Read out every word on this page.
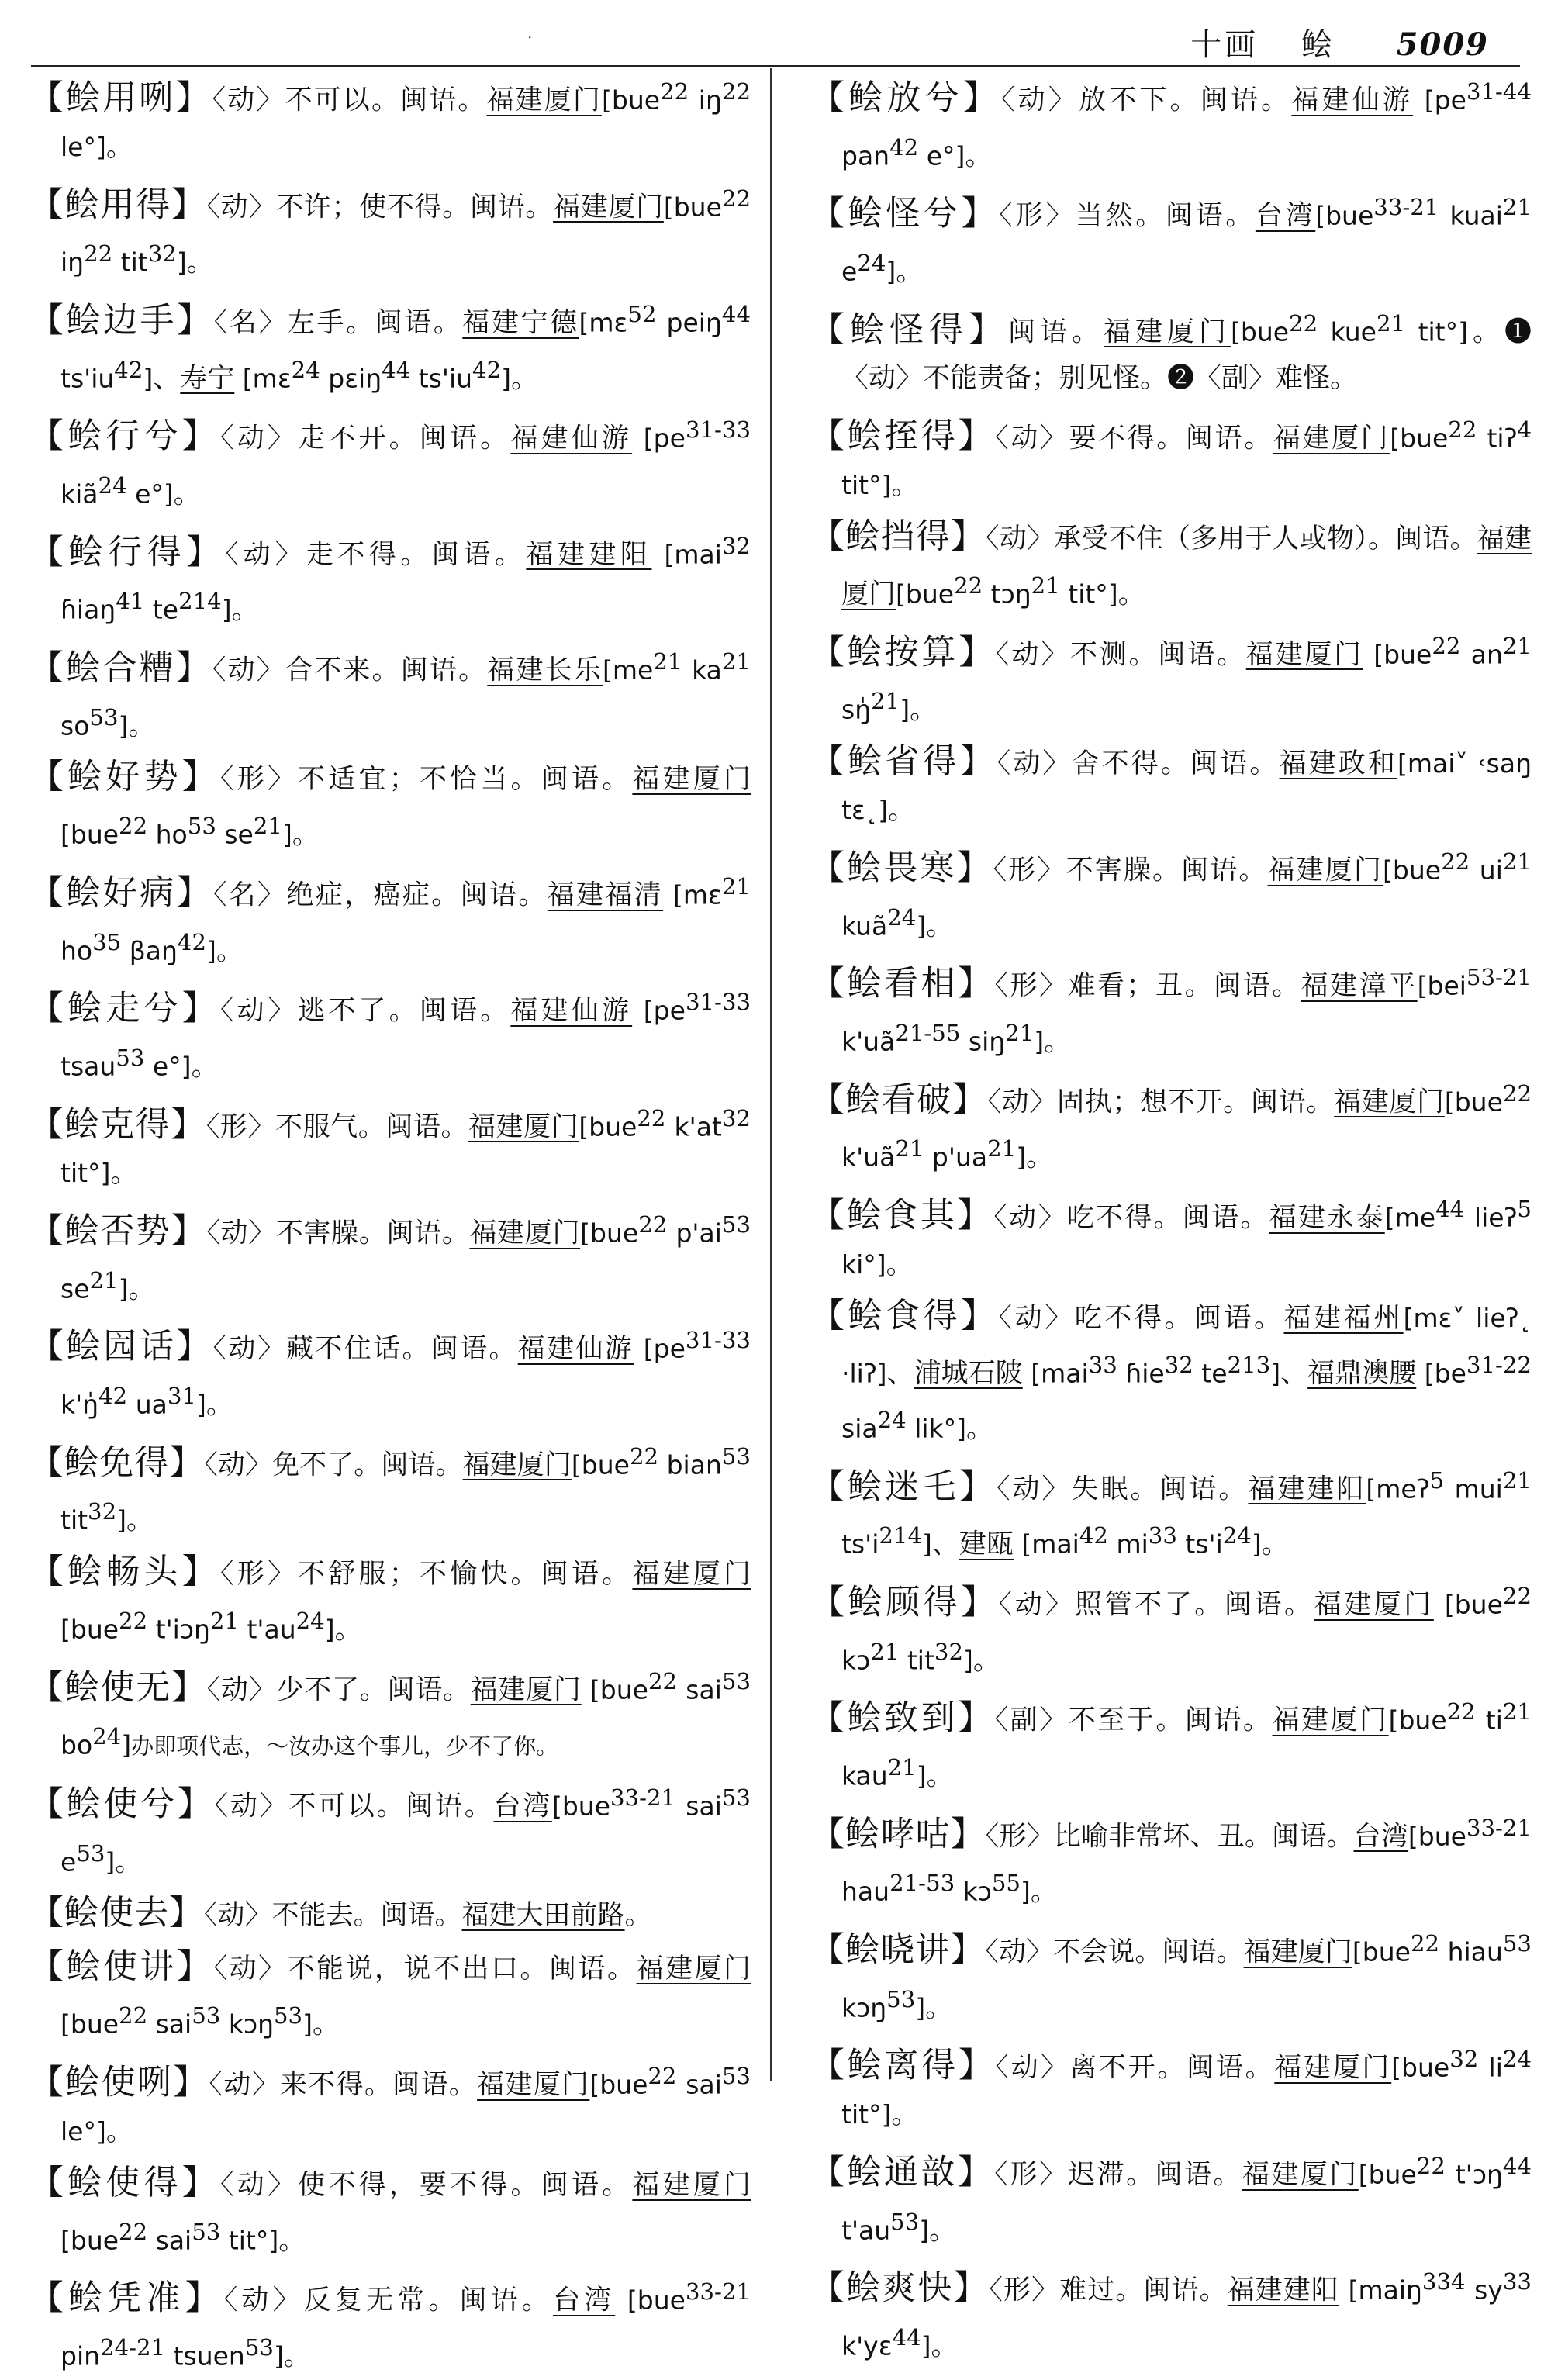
·	十画 鲙 5009

【鲙用咧】〈动〉不可以。闽语。福建厦门[bue$^{22}$ $iŋ^{22}$ le°]。

【鲙用得】〈动〉不许；使不得。闽语。福建厦门[bue$^{22}$ $iŋ^{22}$ tit$^{32}$]。

【鲙边手】〈名〉左手。闽语。福建宁德[mɛ$^{52}$ peiŋ$^{44}$ $ts'iu^{42}$]、寿宁 [mɛ$^{24}$ pɛiŋ$^{44}$ $ts'iu^{42}$]。

【鲙行兮】〈动〉走不开。闽语。福建仙游 [$pe^{31-33}$ kiã$^{24}$ e°]。

【鲙行得】〈动〉走不得。闽语。福建建阳 [mai$^{32}$ ɦiaŋ$^{41}$ $te^{214}$]。

【鲙合糟】〈动〉合不来。闽语。福建长乐[$me^{21}$ $ka^{21}$ $so^{53}$]。

【鲙好势】〈形〉不适宜；不恰当。闽语。福建厦门[bue$^{22}$ $ho^{53}$ $se^{21}$]。

【鲙好病】〈名〉绝症，癌症。闽语。福建福清 [mɛ$^{21}$ $ho^{35}$ βaŋ$^{42}$]。

【鲙走兮】〈动〉逃不了。闽语。福建仙游 [$pe^{31-33}$ tsau$^{53}$ e°]。

【鲙克得】〈形〉不服气。闽语。福建厦门[bue$^{22}$ $k'at^{32}$ tit°]。

【鲙否势】〈动〉不害臊。闽语。福建厦门[bue$^{22}$ $p'ai^{53}$ $se^{21}$]。

【鲙囥话】〈动〉藏不住话。闽语。福建仙游 [$pe^{31-33}$ k'ŋ̍$^{42}$ $ua^{31}$]。

【鲙免得】〈动〉免不了。闽语。福建厦门[bue$^{22}$ bian$^{53}$ tit$^{32}$]。

【鲙畅头】〈形〉不舒服；不愉快。闽语。福建厦门 [bue$^{22}$ t'iɔŋ$^{21}$ $t'au^{24}$]。

【鲙使无】〈动〉少不了。闽语。福建厦门 [bue$^{22}$ sai$^{53}$ $bo^{24}$]办即项代志，～汝办这个事儿，少不了你。

【鲙使兮】〈动〉不可以。闽语。台湾[bue$^{33-21}$ sai$^{53}$ $e^{53}$]。

【鲙使去】〈动〉不能去。闽语。福建大田前路。

【鲙使讲】〈动〉不能说，说不出口。闽语。福建厦门 [bue$^{22}$ sai$^{53}$ kɔŋ$^{53}$]。

【鲙使咧】〈动〉来不得。闽语。福建厦门[bue$^{22}$ sai$^{53}$ le°]。

【鲙使得】〈动〉使不得，要不得。闽语。福建厦门 [bue$^{22}$ sai$^{53}$ tit°]。

【鲙凭准】〈动〉反复无常。闽语。台湾 [bue$^{33-21}$ pin$^{24-21}$ tsuen$^{53}$]。

【鲙放兮】〈动〉放不下。闽语。福建仙游 [$pe^{31-44}$ pan$^{42}$ e°]。

【鲙怪兮】〈形〉当然。闽语。台湾[bue$^{33-21}$ kuai$^{21}$ $e^{24}$]。

【鲙怪得】闽语。福建厦门[bue$^{22}$ kue$^{21}$ tit°]。❶〈动〉不能责备；别见怪。❷〈副〉难怪。

【鲙挃得】〈动〉要不得。闽语。福建厦门[bue$^{22}$ tiʔ$^4$ tit°]。

【鲙挡得】〈动〉承受不住（多用于人或物）。闽语。福建厦门[bue$^{22}$ tɔŋ$^{21}$ tit°]。

【鲙按算】〈动〉不测。闽语。福建厦门 [bue$^{22}$ $an^{21}$ sŋ̍$^{21}$]。

【鲙省得】〈动〉舍不得。闽语。福建政和[mai˅ ˓saŋ tɛ˛]。

【鲙畏寒】〈形〉不害臊。闽语。福建厦门[bue$^{22}$ $ui^{21}$ kuã$^{24}$]。

【鲙看相】〈形〉难看；丑。闽语。福建漳平[bei$^{53-21}$ $k'uã^{21-55}$ siŋ$^{21}$]。

【鲙看破】〈动〉固执；想不开。闽语。福建厦门[bue$^{22}$ $k'uã^{21}$ $p'ua^{21}$]。

【鲙食其】〈动〉吃不得。闽语。福建永泰[$me^{44}$ lieʔ$^5$ ki°]。

【鲙食得】〈动〉吃不得。闽语。福建福州[mɛ˅ lieʔ˛ ·liʔ]、浦城石陂 [mai$^{33}$ ɦie$^{32}$ $te^{213}$]、福鼎澳腰 [$be^{31-22}$ sia$^{24}$ lik°]。

【鲙迷乇】〈动〉失眠。闽语。福建建阳[meʔ$^5$ mui$^{21}$ $ts'i^{214}$]、建瓯 [mai$^{42}$ $mi^{33}$ $ts'i^{24}$]。

【鲙顾得】〈动〉照管不了。闽语。福建厦门 [bue$^{22}$ kɔ$^{21}$ tit$^{32}$]。

【鲙致到】〈副〉不至于。闽语。福建厦门[bue$^{22}$ $ti^{21}$ kau$^{21}$]。

【鲙哮咕】〈形〉比喻非常坏、丑。闽语。台湾[bue$^{33-21}$ hau$^{21-53}$ kɔ$^{55}$]。

【鲙晓讲】〈动〉不会说。闽语。福建厦门[bue$^{22}$ hiau$^{53}$ kɔŋ$^{53}$]。

【鲙离得】〈动〉离不开。闽语。福建厦门[bue$^{32}$ $li^{24}$ tit°]。

【鲙通敨】〈形〉迟滞。闽语。福建厦门[bue$^{22}$ t'ɔŋ$^{44}$ $t'au^{53}$]。

【鲙爽快】〈形〉难过。闽语。福建建阳 [maiŋ$^{334}$ $sy^{33}$ k'yɛ$^{44}$]。
